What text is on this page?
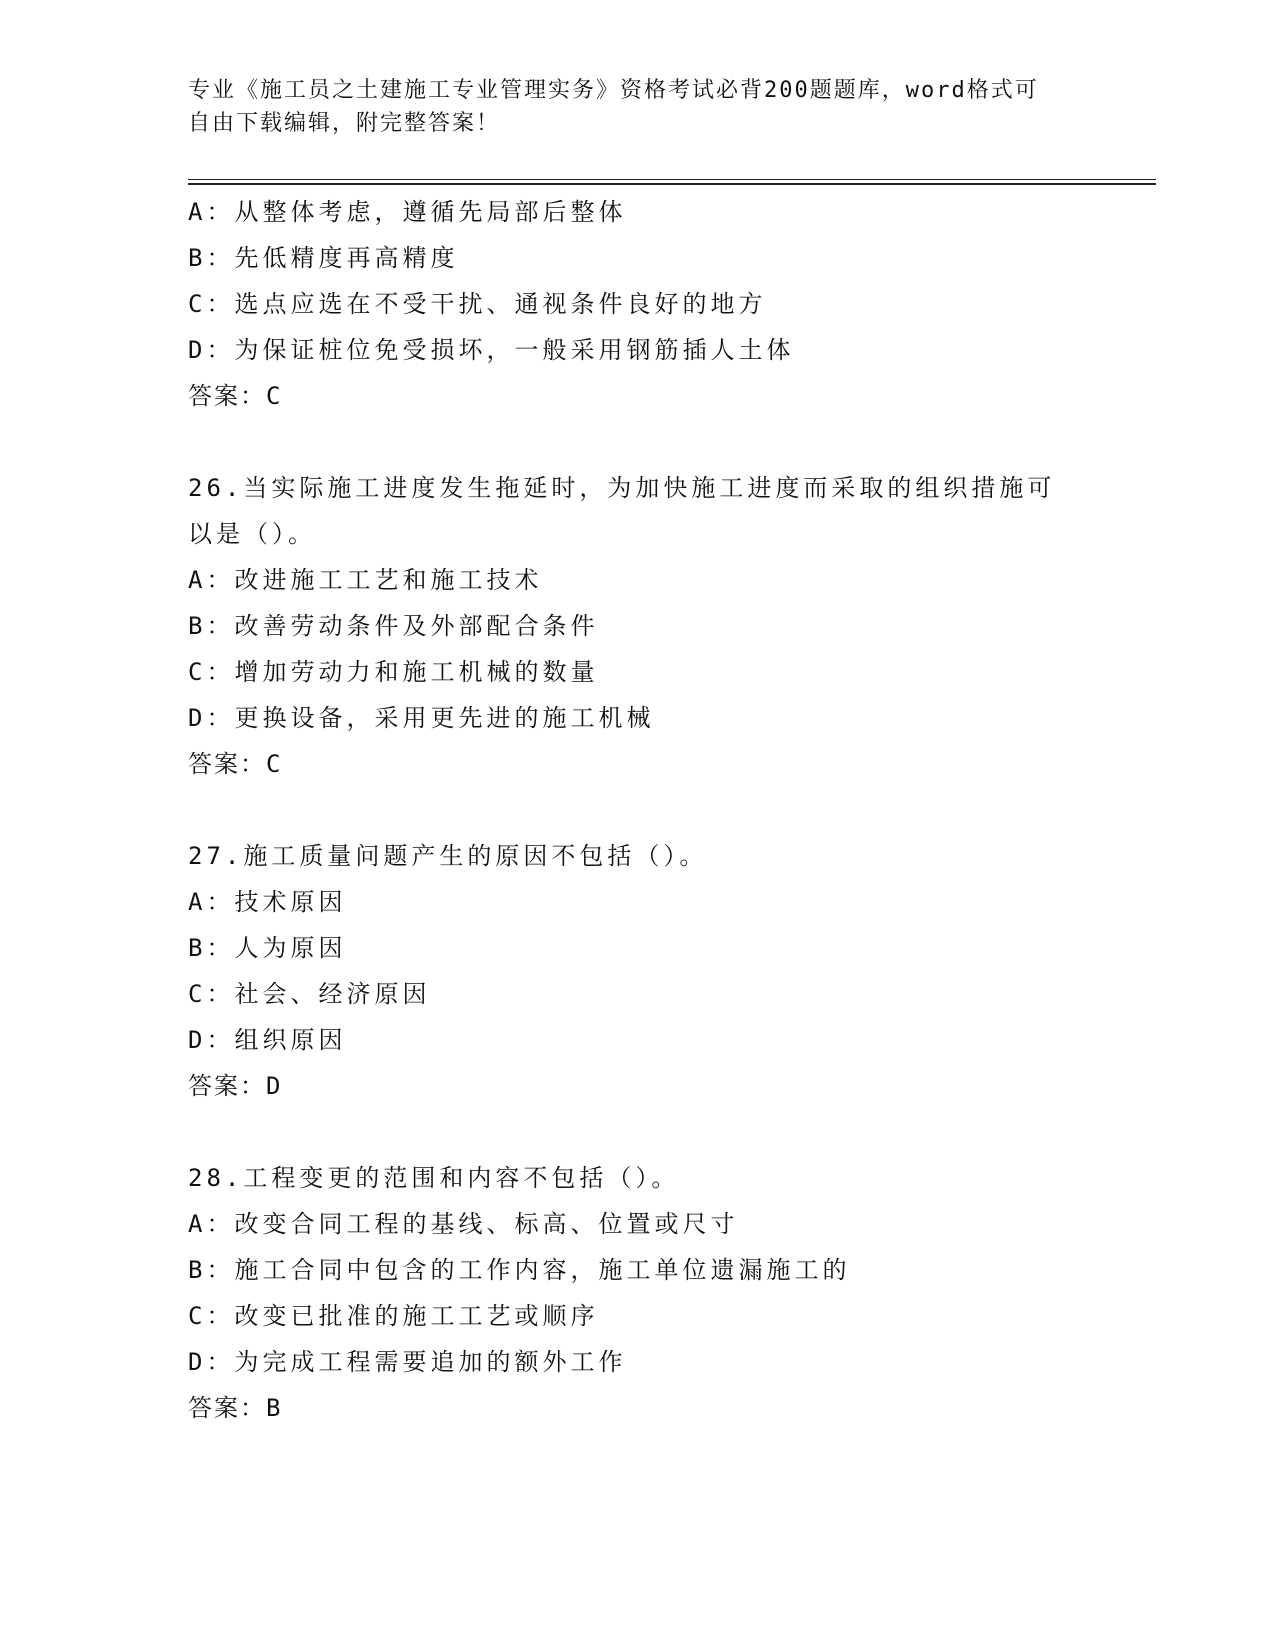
专业《施工员之土建施工专业管理实务》资格考试必背200题题库，word格式可
自由下载编辑，附完整答案！
A：从整体考虑，遵循先局部后整体
B：先低精度再高精度
C：选点应选在不受干扰、通视条件良好的地方
D：为保证桩位免受损坏，一般采用钢筋插人土体
答案：C
26.当实际施工进度发生拖延时，为加快施工进度而采取的组织措施可
以是（）。
A：改进施工工艺和施工技术
B：改善劳动条件及外部配合条件
C：增加劳动力和施工机械的数量
D：更换设备，采用更先进的施工机械
答案：C
27.施工质量问题产生的原因不包括（）。
A：技术原因
B：人为原因
C：社会、经济原因
D：组织原因
答案：D
28.工程变更的范围和内容不包括（）。
A：改变合同工程的基线、标高、位置或尺寸
B：施工合同中包含的工作内容，施工单位遗漏施工的
C：改变已批准的施工工艺或顺序
D：为完成工程需要追加的额外工作
答案：B
